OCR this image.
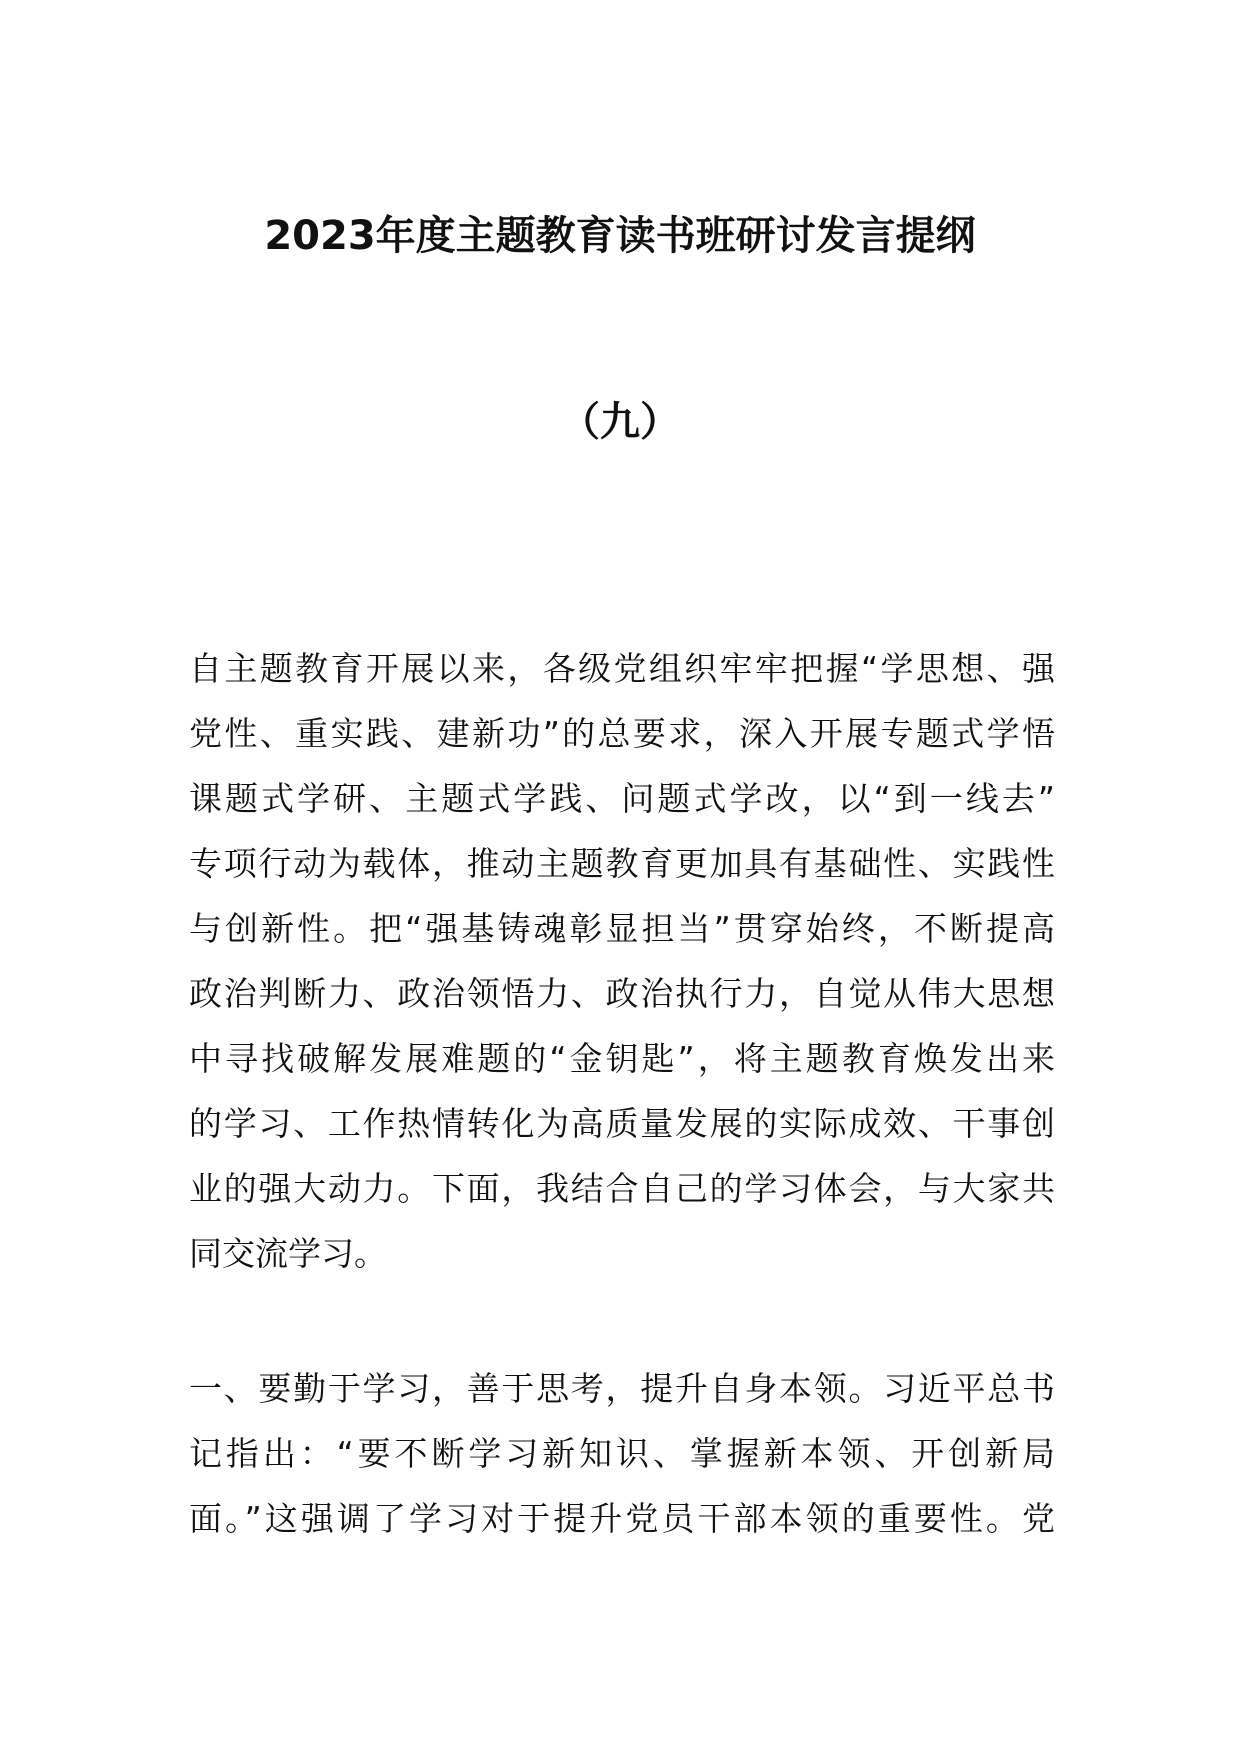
2023年度主题教育读书班研讨发言提纲
（九）
自主题教育开展以来，各级党组织牢牢把握“学思想、强
党性、重实践、建新功”的总要求，深入开展专题式学悟
课题式学研、主题式学践、问题式学改，以“到一线去”
专项行动为载体，推动主题教育更加具有基础性、实践性
与创新性。把“强基铸魂彰显担当”贯穿始终，不断提高
政治判断力、政治领悟力、政治执行力，自觉从伟大思想
中寻找破解发展难题的“金钥匙”，将主题教育焕发出来
的学习、工作热情转化为高质量发展的实际成效、干事创
业的强大动力。下面，我结合自己的学习体会，与大家共
同交流学习。
一、要勤于学习，善于思考，提升自身本领。习近平总书
记指出：“要不断学习新知识、掌握新本领、开创新局
面。”这强调了学习对于提升党员干部本领的重要性。党
